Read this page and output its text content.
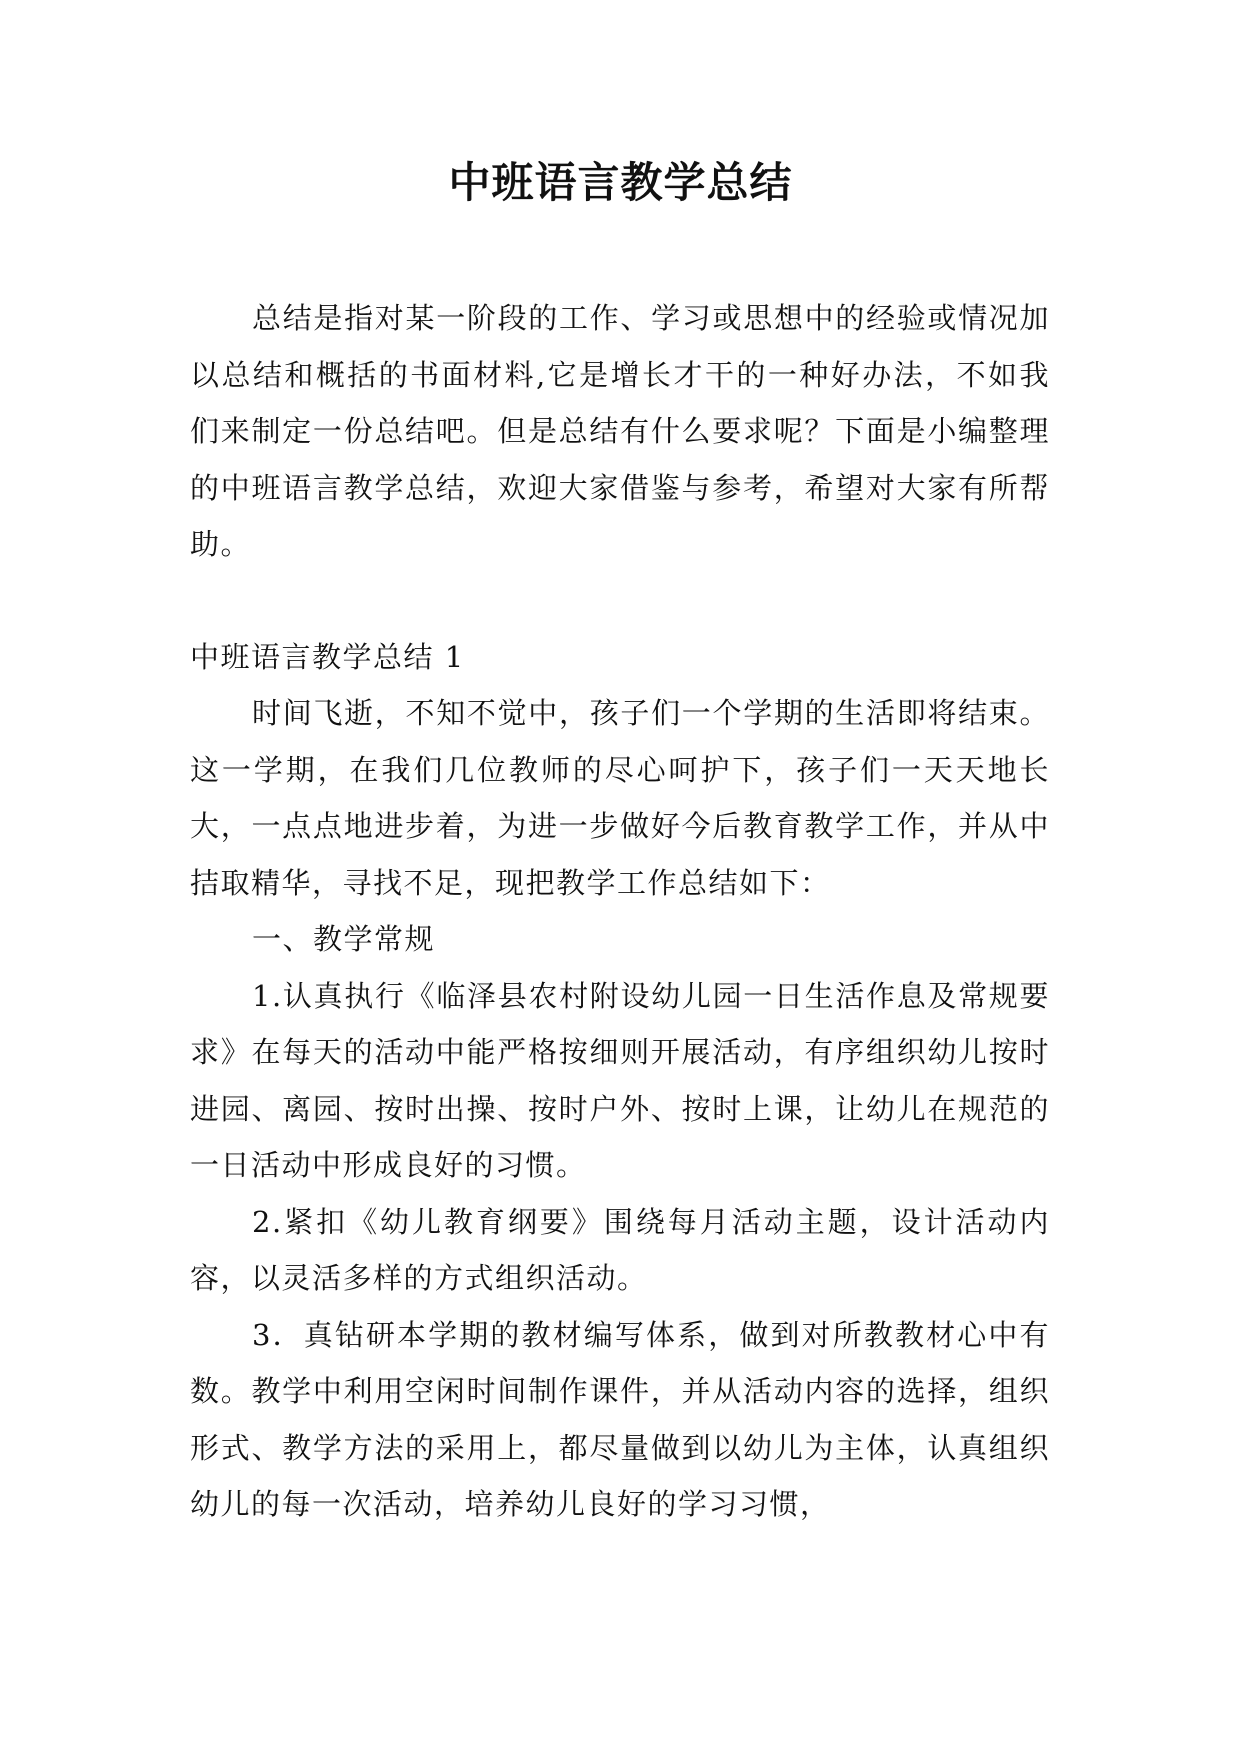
中班语言教学总结

总结是指对某一阶段的工作、学习或思想中的经验或情况加以总结和概括的书面材料,它是增长才干的一种好办法，不如我们来制定一份总结吧。但是总结有什么要求呢？下面是小编整理的中班语言教学总结，欢迎大家借鉴与参考，希望对大家有所帮助。

中班语言教学总结 1

时间飞逝，不知不觉中，孩子们一个学期的生活即将结束。这一学期，在我们几位教师的尽心呵护下，孩子们一天天地长大，一点点地进步着，为进一步做好今后教育教学工作，并从中拮取精华，寻找不足，现把教学工作总结如下：

一、教学常规

1.认真执行《临泽县农村附设幼儿园一日生活作息及常规要求》在每天的活动中能严格按细则开展活动，有序组织幼儿按时进园、离园、按时出操、按时户外、按时上课，让幼儿在规范的一日活动中形成良好的习惯。

2.紧扣《幼儿教育纲要》围绕每月活动主题，设计活动内容，以灵活多样的方式组织活动。

3．真钻研本学期的教材编写体系，做到对所教教材心中有数。教学中利用空闲时间制作课件，并从活动内容的选择，组织形式、教学方法的采用上，都尽量做到以幼儿为主体，认真组织幼儿的每一次活动，培养幼儿良好的学习习惯，
